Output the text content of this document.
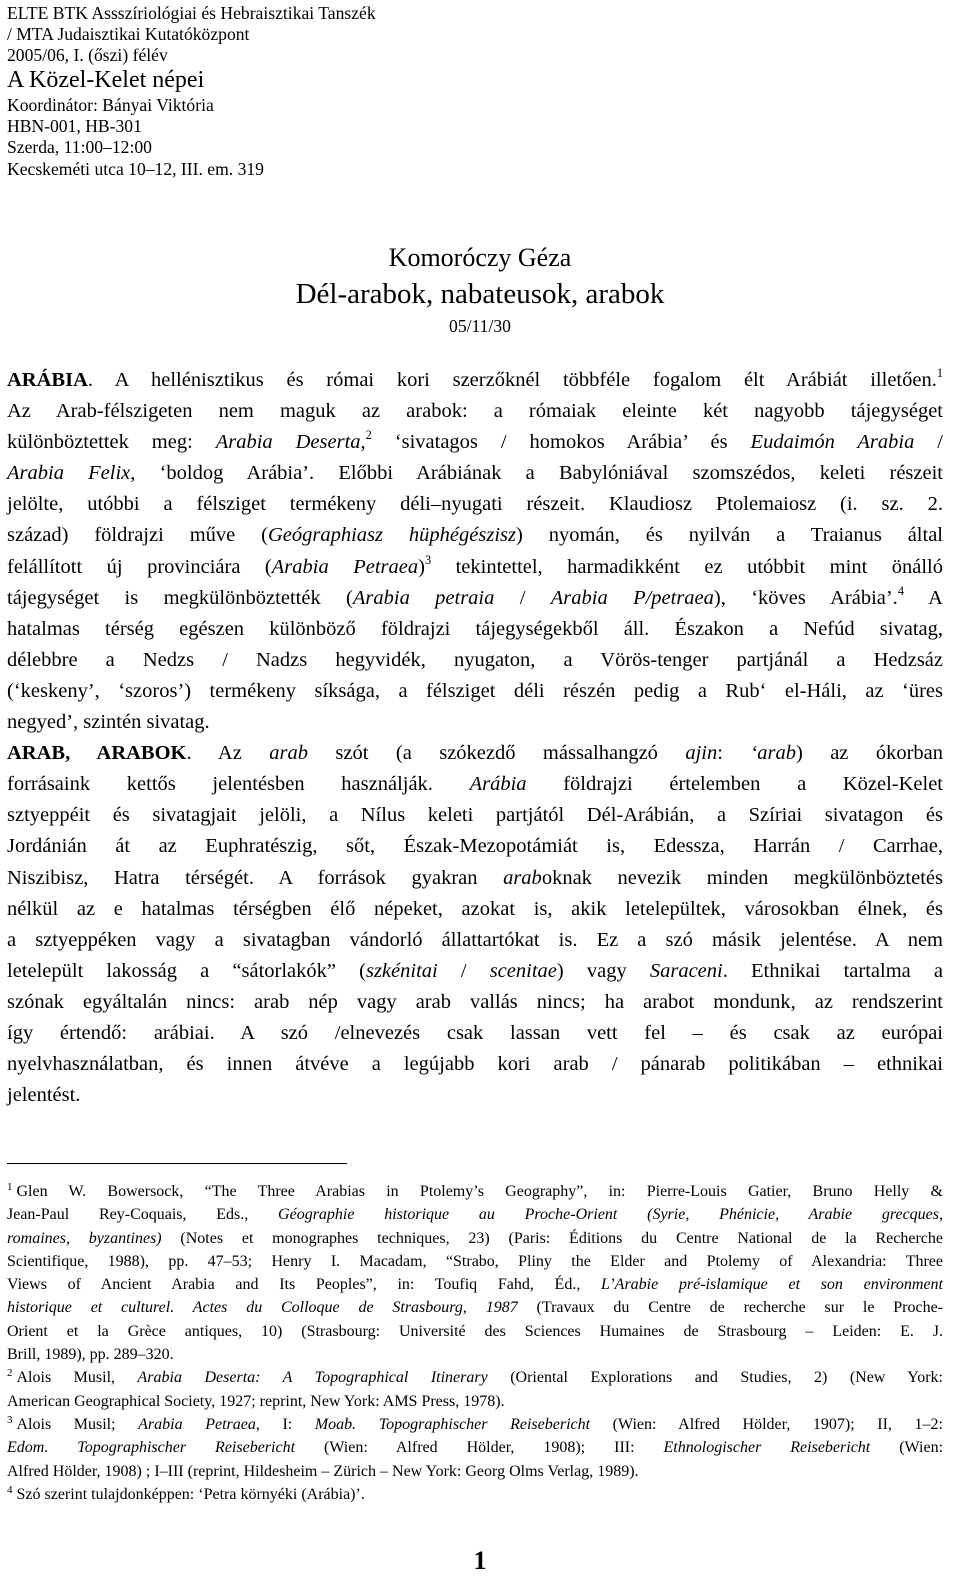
ELTE BTK Assszíriológiai és Hebraisztikai Tanszék
/ MTA Judaisztikai Kutatóközpont
2005/06, I. (őszi) félév
A Közel-Kelet népei
Koordinátor: Bányai Viktória
HBN-001, HB-301
Szerda, 11:00–12:00
Kecskeméti utca 10–12, III. em. 319
Komoróczy Géza
Dél-arabok, nabateusok, arabok
05/11/30
ARÁBIA. A hellénisztikus és római kori szerzőknél többféle fogalom élt Arábiát illetően.$^1$
Az Arab-félszigeten nem maguk az arabok: a rómaiak eleinte két nagyobb tájegységet
különböztettek meg: Arabia Deserta,$^2$ ‘sivatagos / homokos Arábia’ és Eudaimón Arabia /
Arabia Felix, ‘boldog Arábia’. Előbbi Arábiának a Babylóniával szomszédos, keleti részeit
jelölte, utóbbi a félsziget termékeny déli–nyugati részeit. Klaudiosz Ptolemaiosz (i. sz. 2.
század) földrajzi műve (Geógraphiasz hüphégészisz) nyomán, és nyilván a Traianus által
felállított új provinciára (Arabia Petraea)$^3$ tekintettel, harmadikként ez utóbbit mint önálló
tájegységet is megkülönböztették (Arabia petraia / Arabia P/petraea), ‘köves Arábia’.$^4$ A
hatalmas térség egészen különböző földrajzi tájegységekből áll. Északon a Nefúd sivatag,
délebbre a Nedzs / Nadzs hegyvidék, nyugaton, a Vörös-tenger partjánál a Hedzsáz
(‘keskeny’, ‘szoros’) termékeny síksága, a félsziget déli részén pedig a Rub‘ el-Háli, az ‘üres
negyed’, szintén sivatag.
ARAB, ARABOK. Az arab szót (a szókezdő mássalhangzó ajin: ‘arab) az ókorban
forrásaink kettős jelentésben használják. Arábia földrajzi értelemben a Közel-Kelet
sztyeppéit és sivatagjait jelöli, a Nílus keleti partjától Dél-Arábián, a Szíriai sivatagon és
Jordánián át az Euphratészig, sőt, Észak-Mezopotámiát is, Edessza, Harrán / Carrhae,
Niszibisz, Hatra térségét. A források gyakran araboknak nevezik minden megkülönböztetés
nélkül az e hatalmas térségben élő népeket, azokat is, akik letelepültek, városokban élnek, és
a sztyeppéken vagy a sivatagban vándorló állattartókat is. Ez a szó másik jelentése. A nem
letelepült lakosság a “sátorlakók” (szkénitai / scenitae) vagy Saraceni. Ethnikai tartalma a
szónak egyáltalán nincs: arab nép vagy arab vallás nincs; ha arabot mondunk, az rendszerint
így értendő: arábiai. A szó /elnevezés csak lassan vett fel – és csak az európai
nyelvhasználatban, és innen átvéve a legújabb kori arab / pánarab politikában – ethnikai
jelentést.
$^1$ Glen W. Bowersock, “The Three Arabias in Ptolemy’s Geography”, in: Pierre-Louis Gatier, Bruno Helly &
Jean-Paul Rey-Coquais, Eds., Géographie historique au Proche-Orient (Syrie, Phénicie, Arabie grecques,
romaines, byzantines) (Notes et monographes techniques, 23) (Paris: Éditions du Centre National de la Recherche
Scientifique, 1988), pp. 47–53; Henry I. Macadam, “Strabo, Pliny the Elder and Ptolemy of Alexandria: Three
Views of Ancient Arabia and Its Peoples”, in: Toufiq Fahd, Éd., L’Arabie pré-islamique et son environment
historique et culturel. Actes du Colloque de Strasbourg, 1987 (Travaux du Centre de recherche sur le Proche-
Orient et la Grèce antiques, 10) (Strasbourg: Université des Sciences Humaines de Strasbourg – Leiden: E. J.
Brill, 1989), pp. 289–320.
$^2$ Alois Musil, Arabia Deserta: A Topographical Itinerary (Oriental Explorations and Studies, 2) (New York:
American Geographical Society, 1927; reprint, New York: AMS Press, 1978).
$^3$ Alois Musil; Arabia Petraea, I: Moab. Topographischer Reisebericht (Wien: Alfred Hölder, 1907); II, 1–2:
Edom. Topographischer Reisebericht (Wien: Alfred Hölder, 1908); III: Ethnologischer Reisebericht (Wien:
Alfred Hölder, 1908) ; I–III (reprint, Hildesheim – Zürich – New York: Georg Olms Verlag, 1989).
$^4$ Szó szerint tulajdonképpen: ‘Petra környéki (Arábia)’.
1
